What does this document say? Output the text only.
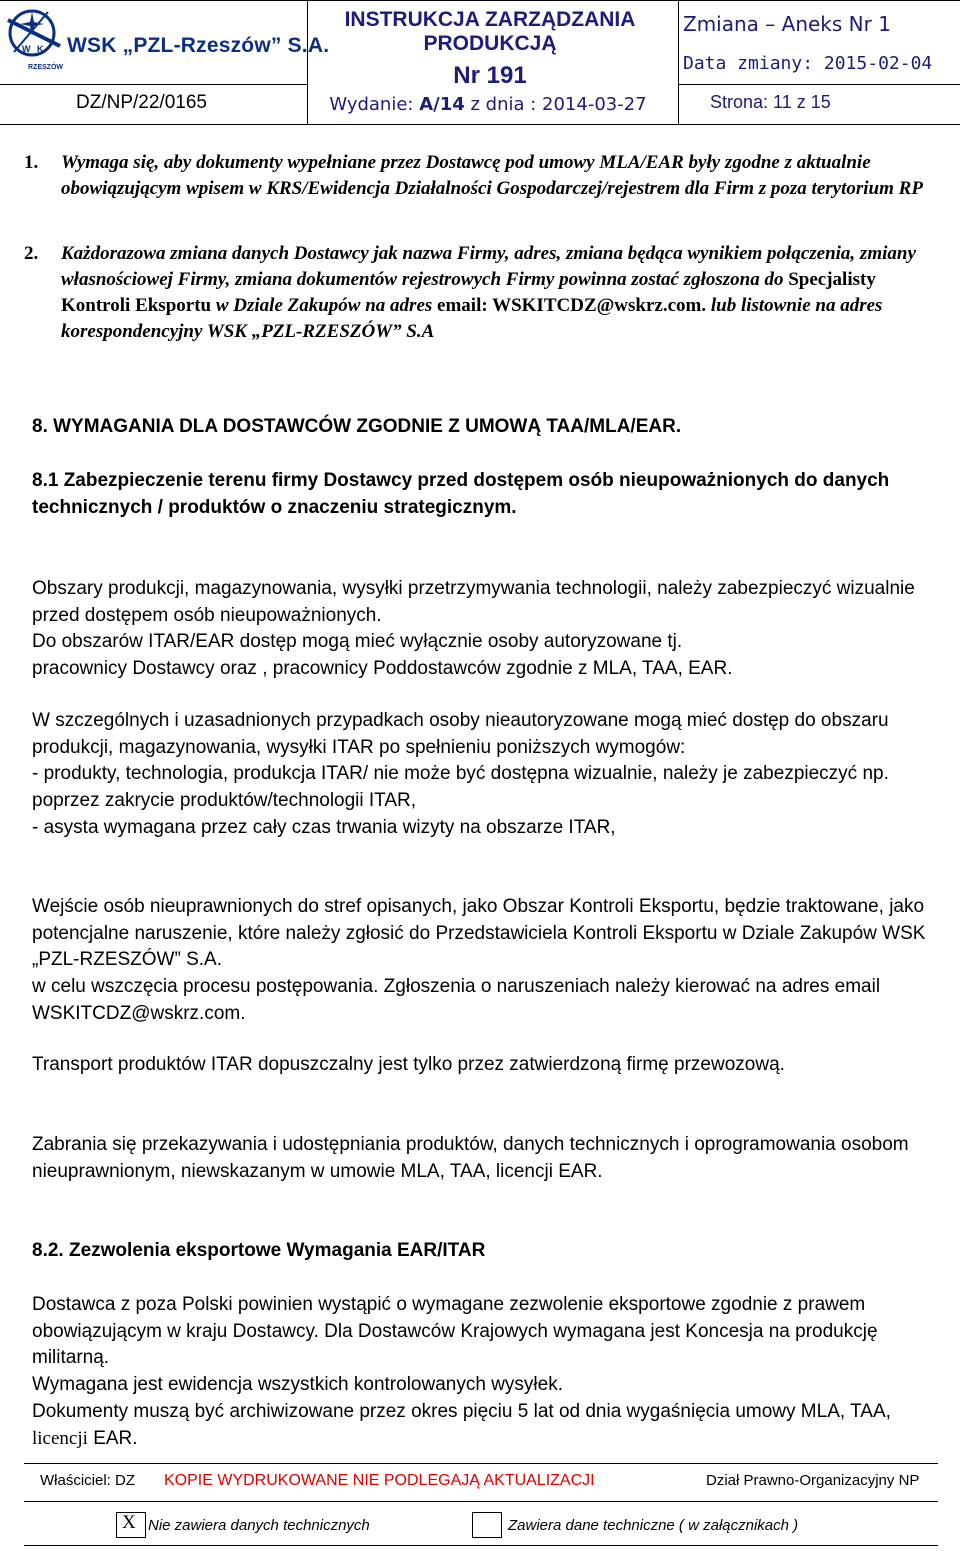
W K
RZESZÓW
WSK „PZL-Rzeszów” S.A.
DZ/NP/22/0165
INSTRUKCJA ZARZĄDZANIA
PRODUKCJĄ
Nr 191
Wydanie: A/14 z dnia : 2014-03-27
Zmiana – Aneks Nr 1
Data zmiany: 2015-02-04
Strona: 11 z 15
1. Wymaga się, aby dokumenty wypełniane przez Dostawcę pod umowy MLA/EAR były zgodne z aktualnie obowiązującym wpisem w KRS/Ewidencja Działalności Gospodarczej/rejestrem dla Firm z poza terytorium RP
2. Każdorazowa zmiana danych Dostawcy jak nazwa Firmy, adres, zmiana będąca wynikiem połączenia, zmiany własnościowej Firmy, zmiana dokumentów rejestrowych Firmy powinna zostać zgłoszona do Specjalisty Kontroli Eksportu w Dziale Zakupów na adres email: WSKITCDZ@wskrz.com. lub listownie na adres korespondencyjny WSK „PZL-RZESZÓW” S.A
8. WYMAGANIA DLA DOSTAWCÓW ZGODNIE Z UMOWĄ TAA/MLA/EAR.
8.1 Zabezpieczenie terenu firmy Dostawcy przed dostępem osób nieupoważnionych do danych technicznych / produktów o znaczeniu strategicznym.
Obszary produkcji, magazynowania, wysyłki przetrzymywania technologii, należy zabezpieczyć wizualnie przed dostępem osób nieupoważnionych.
Do obszarów ITAR/EAR dostęp mogą mieć wyłącznie osoby autoryzowane tj.
pracownicy Dostawcy oraz , pracownicy Poddostawców zgodnie z MLA, TAA, EAR.
W szczególnych i uzasadnionych przypadkach osoby nieautoryzowane mogą mieć dostęp do obszaru produkcji, magazynowania, wysyłki ITAR po spełnieniu poniższych wymogów:
- produkty, technologia, produkcja ITAR/ nie może być dostępna wizualnie, należy je zabezpieczyć np. poprzez zakrycie produktów/technologii ITAR,
- asysta wymagana przez cały czas trwania wizyty na obszarze ITAR,
Wejście osób nieuprawnionych do stref opisanych, jako Obszar Kontroli Eksportu, będzie traktowane, jako potencjalne naruszenie, które należy zgłosić do Przedstawiciela Kontroli Eksportu w Dziale Zakupów WSK „PZL-RZESZÓW” S.A.
w celu wszczęcia procesu postępowania. Zgłoszenia o naruszeniach należy kierować na adres email WSKITCDZ@wskrz.com.
Transport produktów ITAR dopuszczalny jest tylko przez zatwierdzoną firmę przewozową.
Zabrania się przekazywania i udostępniania produktów, danych technicznych i oprogramowania osobom nieuprawnionym, niewskazanym w umowie MLA, TAA, licencji EAR.
8.2. Zezwolenia eksportowe Wymagania EAR/ITAR
Dostawca z poza Polski powinien wystąpić o wymagane zezwolenie eksportowe zgodnie z prawem obowiązującym w kraju Dostawcy. Dla Dostawców Krajowych wymagana jest Koncesja na produkcję militarną.
Wymagana jest ewidencja wszystkich kontrolowanych wysyłek.
Dokumenty muszą być archiwizowane przez okres pięciu 5 lat od dnia wygaśnięcia umowy MLA, TAA, licencji EAR.
Właściciel: DZ KOPIE WYDRUKOWANE NIE PODLEGAJĄ AKTUALIZACJI	Dział Prawno-Organizacyjny NP
X Nie zawiera danych technicznych	Zawiera dane techniczne ( w załącznikach )
